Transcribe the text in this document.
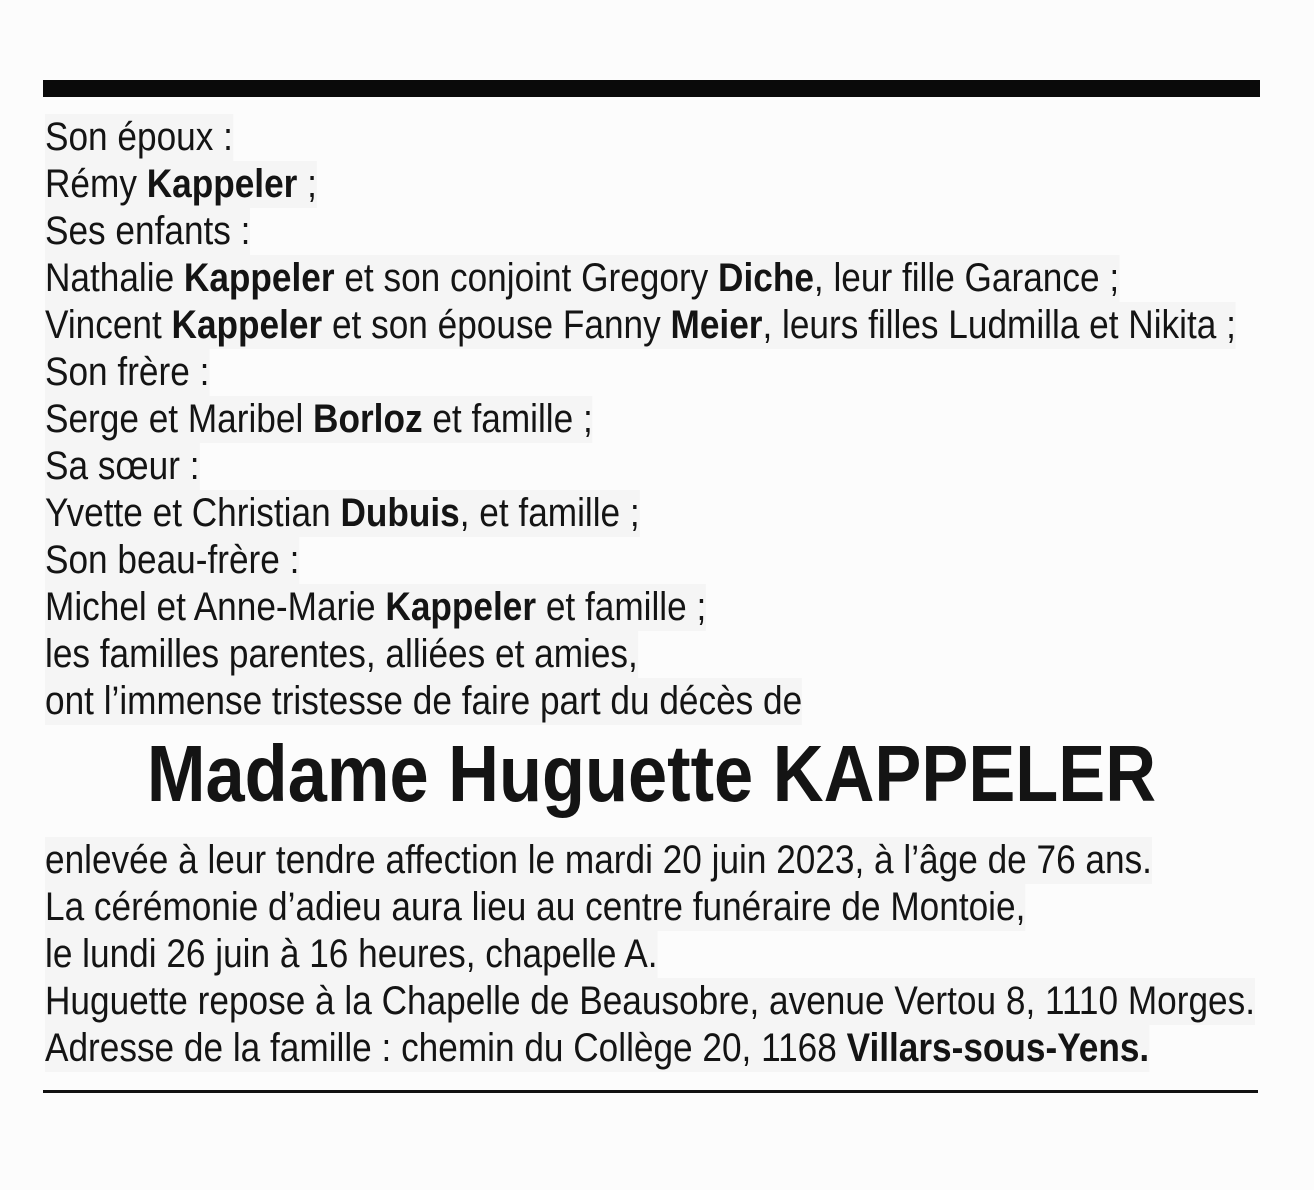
Son époux :
Rémy Kappeler ;
Ses enfants :
Nathalie Kappeler et son conjoint Gregory Diche, leur fille Garance ;
Vincent Kappeler et son épouse Fanny Meier, leurs filles Ludmilla et Nikita ;
Son frère :
Serge et Maribel Borloz et famille ;
Sa sœur :
Yvette et Christian Dubuis, et famille ;
Son beau-frère :
Michel et Anne-Marie Kappeler et famille ;
les familles parentes, alliées et amies,
ont l’immense tristesse de faire part du décès de
Madame Huguette KAPPELER
enlevée à leur tendre affection le mardi 20 juin 2023, à l’âge de 76 ans.
La cérémonie d’adieu aura lieu au centre funéraire de Montoie,
le lundi 26 juin à 16 heures, chapelle A.
Huguette repose à la Chapelle de Beausobre, avenue Vertou 8, 1110 Morges.
Adresse de la famille : chemin du Collège 20, 1168 Villars-sous-Yens.
